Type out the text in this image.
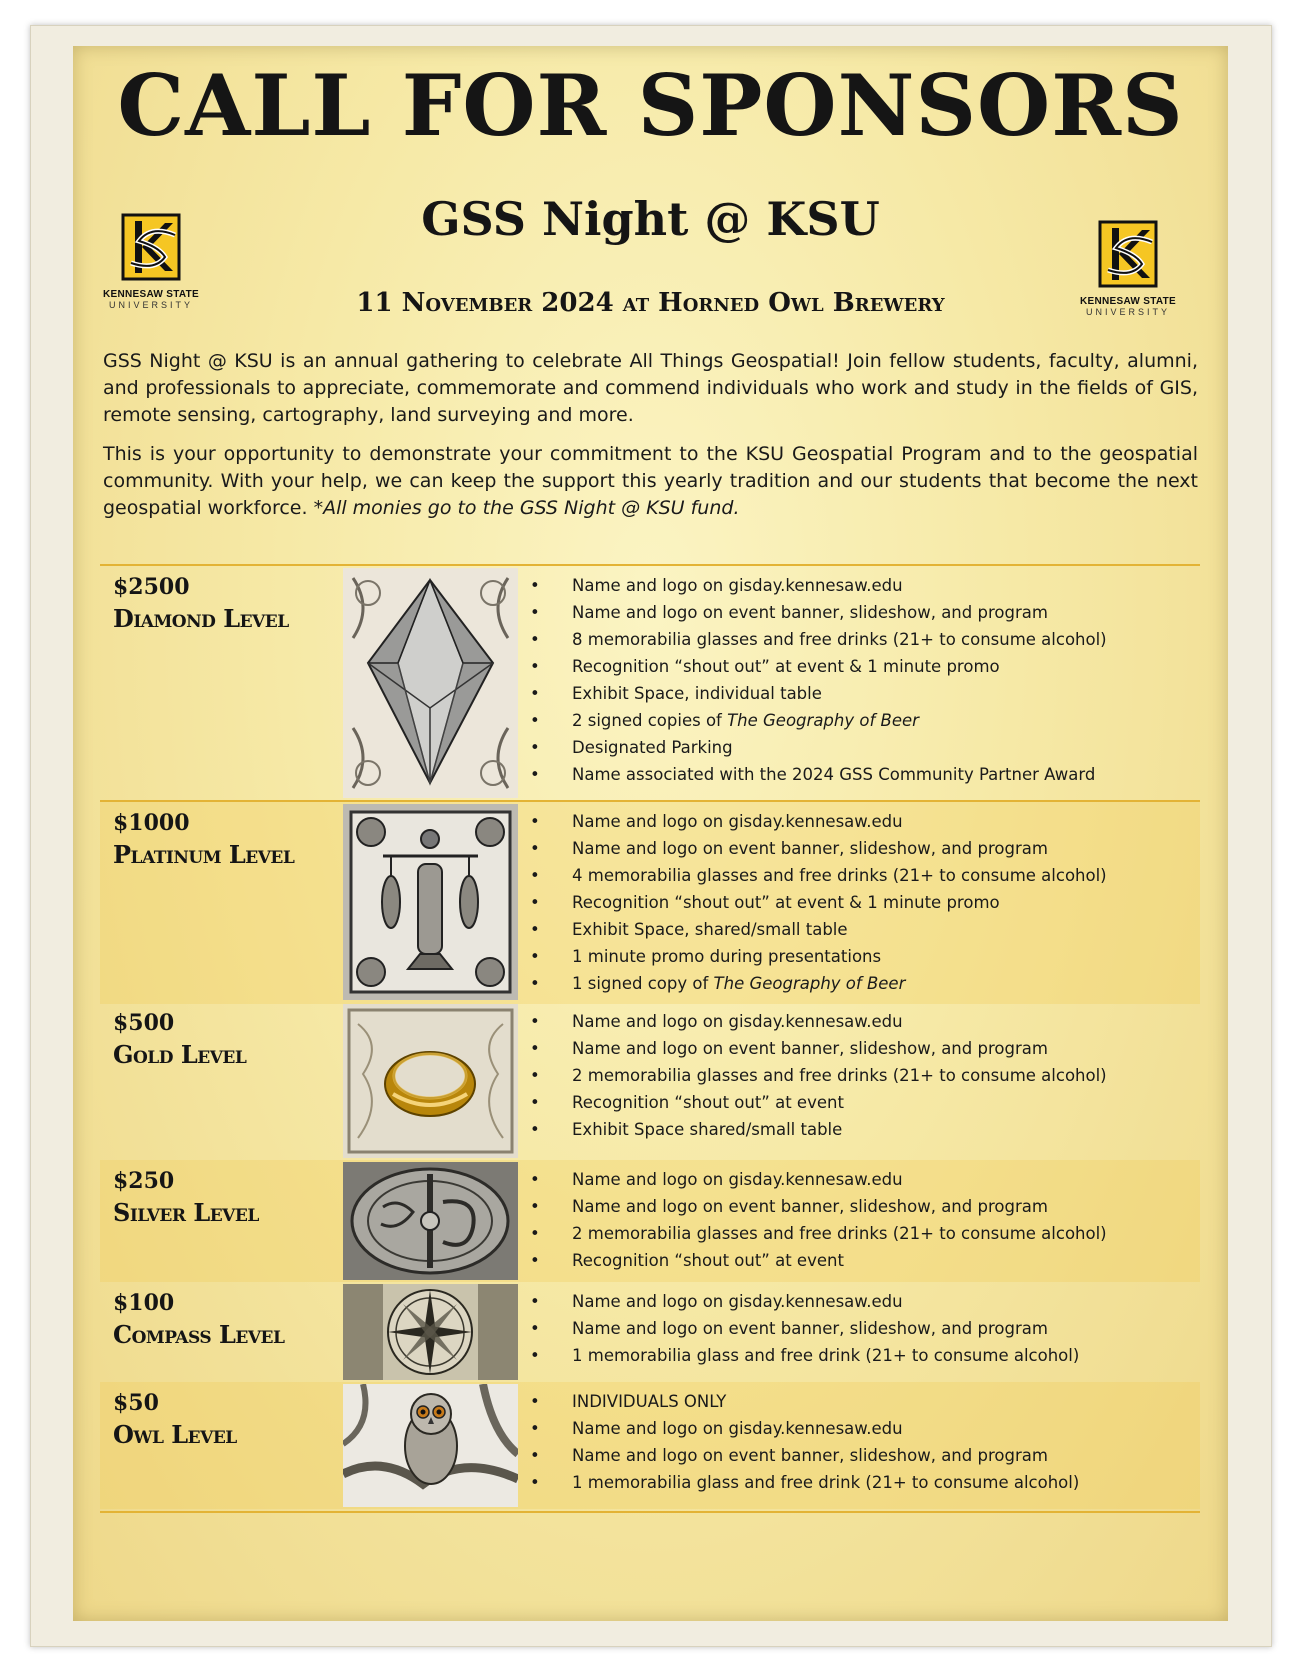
CALL FOR SPONSORS
GSS Night @ KSU
11 November 2024 at Horned Owl Brewery
KENNESAW STATE
UNIVERSITY	KENNESAW STATE
UNIVERSITY

GSS Night @ KSU is an annual gathering to celebrate All Things Geospatial! Join fellow students, faculty, alumni, and professionals to appreciate, commemorate and commend individuals who work and study in the fields of GIS, remote sensing, cartography, land surveying and more.

This is your opportunity to demonstrate your commitment to the KSU Geospatial Program and to the geospatial community. With your help, we can keep the support this yearly tradition and our students that become the next geospatial workforce. *All monies go to the GSS Night @ KSU fund.

$2500
Diamond Level
• Name and logo on gisday.kennesaw.edu
• Name and logo on event banner, slideshow, and program
• 8 memorabilia glasses and free drinks (21+ to consume alcohol)
• Recognition “shout out” at event & 1 minute promo
• Exhibit Space, individual table
• 2 signed copies of The Geography of Beer
• Designated Parking
• Name associated with the 2024 GSS Community Partner Award
$1000
Platinum Level
• Name and logo on gisday.kennesaw.edu
• Name and logo on event banner, slideshow, and program
• 4 memorabilia glasses and free drinks (21+ to consume alcohol)
• Recognition “shout out” at event & 1 minute promo
• Exhibit Space, shared/small table
• 1 minute promo during presentations
• 1 signed copy of The Geography of Beer
$500
Gold Level
• Name and logo on gisday.kennesaw.edu
• Name and logo on event banner, slideshow, and program
• 2 memorabilia glasses and free drinks (21+ to consume alcohol)
• Recognition “shout out” at event
• Exhibit Space shared/small table
$250
Silver Level
• Name and logo on gisday.kennesaw.edu
• Name and logo on event banner, slideshow, and program
• 2 memorabilia glasses and free drinks (21+ to consume alcohol)
• Recognition “shout out” at event
$100
Compass Level
• Name and logo on gisday.kennesaw.edu
• Name and logo on event banner, slideshow, and program
• 1 memorabilia glass and free drink (21+ to consume alcohol)
$50
Owl Level
• INDIVIDUALS ONLY
• Name and logo on gisday.kennesaw.edu
• Name and logo on event banner, slideshow, and program
• 1 memorabilia glass and free drink (21+ to consume alcohol)
